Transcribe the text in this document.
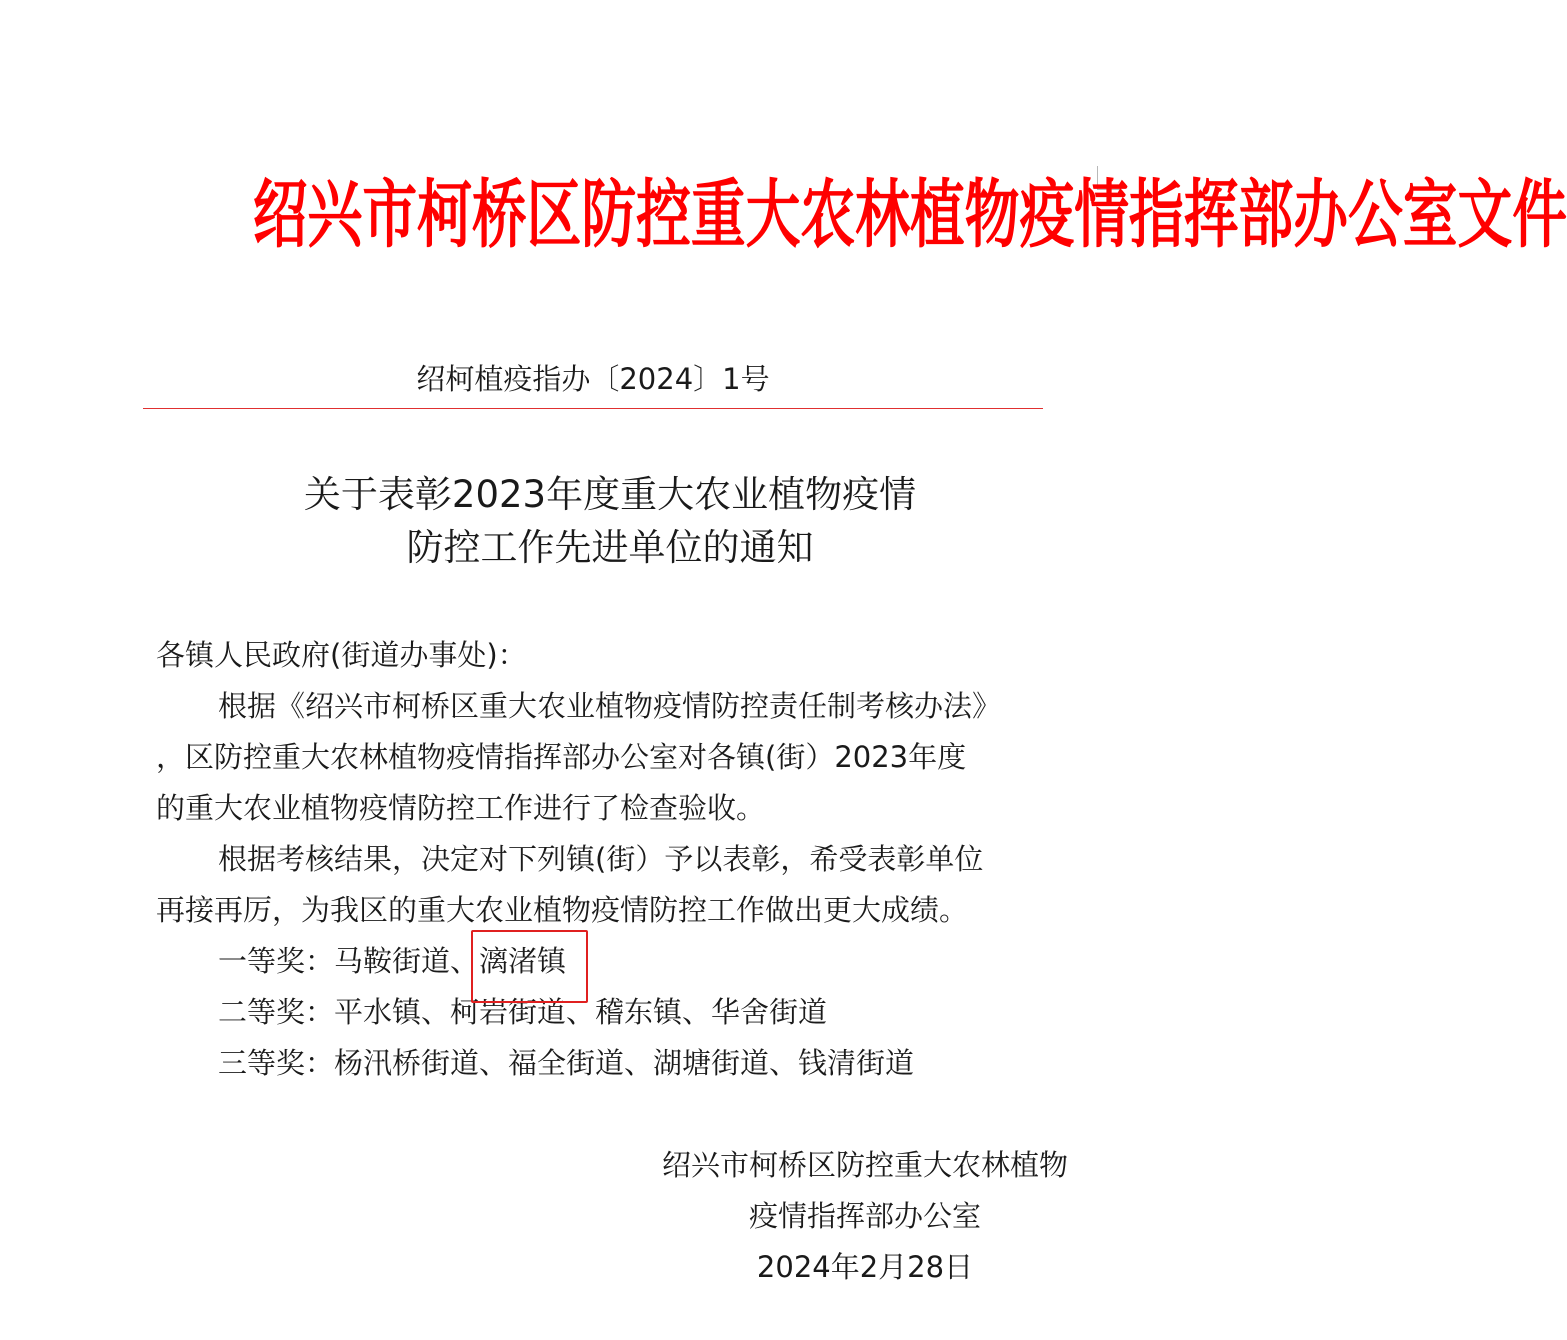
绍兴市柯桥区防控重大农林植物疫情指挥部办公室文件
绍柯植疫指办〔2024〕1号
关于表彰2023年度重大农业植物疫情
防控工作先进单位的通知
各镇人民政府(街道办事处)：
根据《绍兴市柯桥区重大农业植物疫情防控责任制考核办法》
，区防控重大农林植物疫情指挥部办公室对各镇(街）2023年度
的重大农业植物疫情防控工作进行了检查验收。
根据考核结果，决定对下列镇(街）予以表彰，希受表彰单位
再接再厉，为我区的重大农业植物疫情防控工作做出更大成绩。
一等奖：马鞍街道、漓渚镇
二等奖：平水镇、柯岩街道、稽东镇、华舍街道
三等奖：杨汛桥街道、福全街道、湖塘街道、钱清街道
绍兴市柯桥区防控重大农林植物
疫情指挥部办公室
2024年2月28日
